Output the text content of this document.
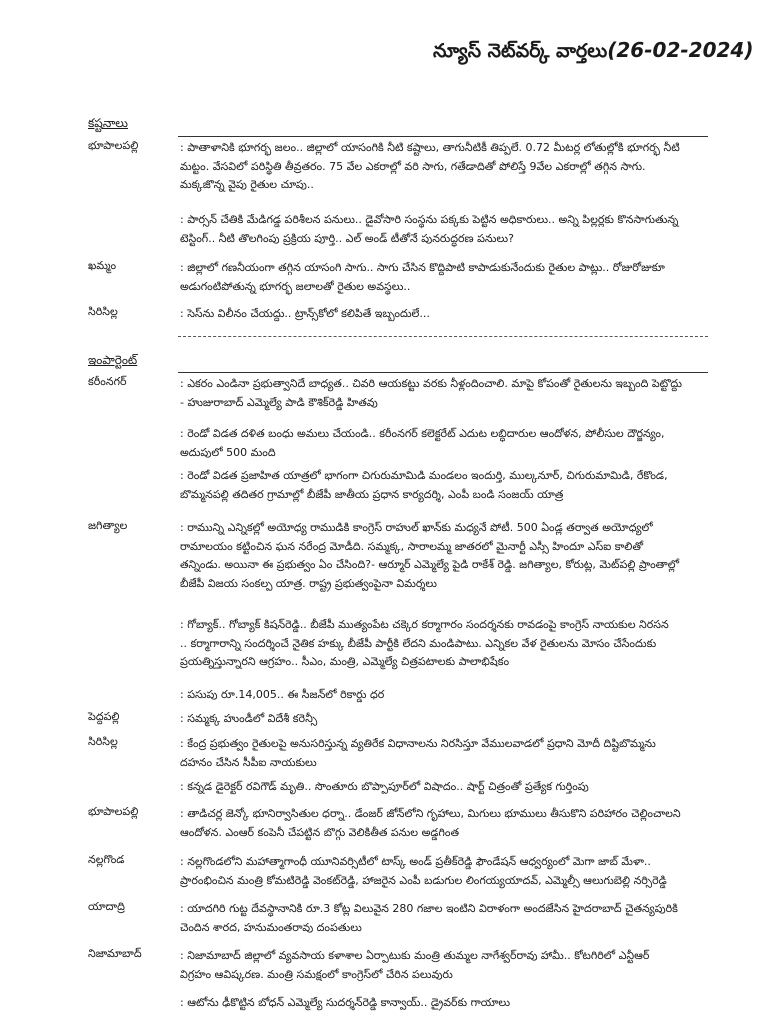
న్యూస్ నెట్‌వర్క్ వార్తలు(26-02-2024)
కష్టనాలు
భూపాలపల్లి	: పాతాళానికి భూగర్భ జలం.. జిల్లాలో యాసంగికి నీటి కష్టాలు, తాగునీటికీ తిప్పలే. 0.72 మీటర్ల లోతుల్లోకి భూగర్భ నీటి
మట్టం. వేసవిలో పరిస్థితి తీవ్రతరం. 75 వేల ఎకరాల్లో వరి సాగు, గతేడాదితో పోలిస్తే 9వేల ఎకరాల్లో తగ్గిన సాగు.
మక్కజొన్న వైపు రైతుల చూపు..
: పార్సన్ చేతికి మేడిగడ్డ పరిశీలన పనులు.. డైవోసారి సంస్థను పక్కకు పెట్టిన అధికారులు.. అన్ని పిల్లర్లకు కొనసాగుతున్న
టెస్టింగ్.. నీటి తొలగింపు ప్రక్రియ పూర్తి.. ఎల్ అండ్ టీతోనే పునరుద్ధరణ పనులు?
ఖమ్మం	: జిల్లాలో గణనీయంగా తగ్గిన యాసంగి సాగు.. సాగు చేసిన కొద్దిపాటి కాపాడుకునేందుకు రైతుల పాట్లు.. రోజురోజుకూ
అడుగంటిపోతున్న భూగర్భ జలాలతో రైతుల అవస్థలు..
సిరిసిల్ల	: సెస్‌ను విలీనం చేయద్దు.. ట్రాన్స్‌కోలో కలిపితే ఇబ్బందులే...
ఇంపార్టెంట్
కరీంనగర్	: ఎకరం ఎండినా ప్రభుత్వానిదే బాధ్యత.. చివరి ఆయకట్టు వరకు నీళ్లందించాలి. మాపై కోపంతో రైతులను ఇబ్బంది పెట్టొద్దు
- హుజురాబాద్ ఎమ్మెల్యే పాడి కౌశిక్‌రెడ్డి హితవు
: రెండో విడత దళిత బంధు అమలు చేయండి.. కరీంనగర్ కలెక్టరేట్ ఎదుట లబ్ధిదారుల ఆందోళన, పోలీసుల దౌర్జన్యం,
అదుపులో 500 మంది
: రెండో విడత ప్రజాహిత యాత్రలో భాగంగా చిగురుమామిడి మండలం ఇందుర్తి, ముల్కనూర్, చిగురుమామిడి, రేకొండ,
బొమ్మనపల్లి తదితర గ్రామాల్లో బీజేపీ జాతీయ ప్రధాన కార్యదర్శి, ఎంపీ బండి సంజయ్ యాత్ర
జగిత్యాల	: రామున్ని ఎన్నికల్లో అయోధ్య రాముడికి కాంగ్రెస్ రాహుల్ ఖాన్‌కు మధ్యనే పోటీ. 500 ఏండ్ల తర్వాత అయోధ్యలో
రామాలయం కట్టించిన ఘన నరేంద్ర మోడీది. సమ్మక్క, సారాలమ్మ జాతరలో మైనార్టీ ఎస్సీ హిందూ ఎస్ఐ కాలితో
తన్నిండు. అయినా ఈ ప్రభుత్వం ఏం చేసింది?- ఆర్మూర్ ఎమ్మెల్యే పైడి రాకేశ్ రెడ్డి. జగిత్యాల, కోరుట్ల, మెట్‌పల్లి ప్రాంతాల్లో
బీజేపీ విజయ సంకల్ప యాత్ర. రాష్ట్ర ప్రభుత్వంపైనా విమర్శలు
: గోబ్యాక్.. గోబ్యాక్ కిషన్‌రెడ్డి.. బీజేపీ ముత్యంపేట చక్కెర కర్మాగారం సందర్శనకు రావడంపై కాంగ్రెస్ నాయకుల నిరసన
.. కర్మాగారాన్ని సందర్శించే నైతిక హక్కు బీజేపీ పార్టీకి లేదని మండిపాటు. ఎన్నికల వేళ రైతులను మోసం చేసేందుకు
ప్రయత్నిస్తున్నారని ఆగ్రహం.. సీఎం, మంత్రి, ఎమ్మెల్యే చిత్రపటాలకు పాలాభిషేకం
: పసుపు రూ.14,005.. ఈ సీజన్‌లో రికార్డు ధర
పెద్దపల్లి	: సమ్మక్క హుండీలో విదేశీ కరెన్సీ
సిరిసిల్ల	: కేంద్ర ప్రభుత్వం రైతులపై అనుసరిస్తున్న వ్యతిరేక విధానాలను నిరసిస్తూ వేములవాడలో ప్రధాని మోదీ దిష్టిబొమ్మను
దహనం చేసిన సీపీఐ నాయకులు
: కన్నడ డైరెక్టర్ రవిగౌడ్ మృతి.. సొంతూరు బొప్పాపూర్‌లో విషాదం.. షార్ట్ చిత్రంతో ప్రత్యేక గుర్తింపు
భూపాలపల్లి	: తాడిచర్ల జెన్కో భూనిర్వాసితుల ధర్నా.. డేంజర్ జోన్‌లోని గృహాలు, మిగులు భూములు తీసుకొని పరిహారం చెల్లించాలని
ఆందోళన. ఎంఆర్ కంపెనీ చేపట్టిన బొగ్గు వెలికితీత పనుల అడ్డగింత
నల్లగొండ	: నల్లగొండలోని మహాత్మాగాంధీ యూనివర్సిటీలో టాస్క్ అండ్ ప్రతీక్‌రెడ్డి ఫౌండేషన్ ఆధ్వర్యంలో మెగా జాబ్ మేళా..
ప్రారంభించిన మంత్రి కోమటిరెడ్డి వెంకట్‌రెడ్డి, హాజరైన ఎంపీ బడుగుల లింగయ్యయాదవ్, ఎమ్మెల్సీ ఆలుగుబెల్లి నర్సిరెడ్డి
యాదాద్రి	: యాదగిరి గుట్ట దేవస్థానానికి రూ.3 కోట్ల విలువైన 280 గజాల ఇంటిని విరాళంగా అందజేసిన హైదరాబాద్ చైతన్యపురికి
చెందిన శారద, హనుమంతరావు దంపతులు
నిజామాబాద్	: నిజామాబాద్ జిల్లాలో వ్యవసాయ కళాశాల ఏర్పాటుకు మంత్రి తుమ్మల నాగేశ్వర్‌రావు హామీ.. కోటగిరిలో ఎన్టీఆర్
విగ్రహం ఆవిష్కరణ. మంత్రి సమక్షంలో కాంగ్రెస్‌లో చేరిన పలువురు
: ఆటోను ఢీకొట్టిన బోధన్ ఎమ్మెల్యే సుదర్శన్‌రెడ్డి కాన్వాయ్.. డ్రైవర్‌కు గాయాలు
